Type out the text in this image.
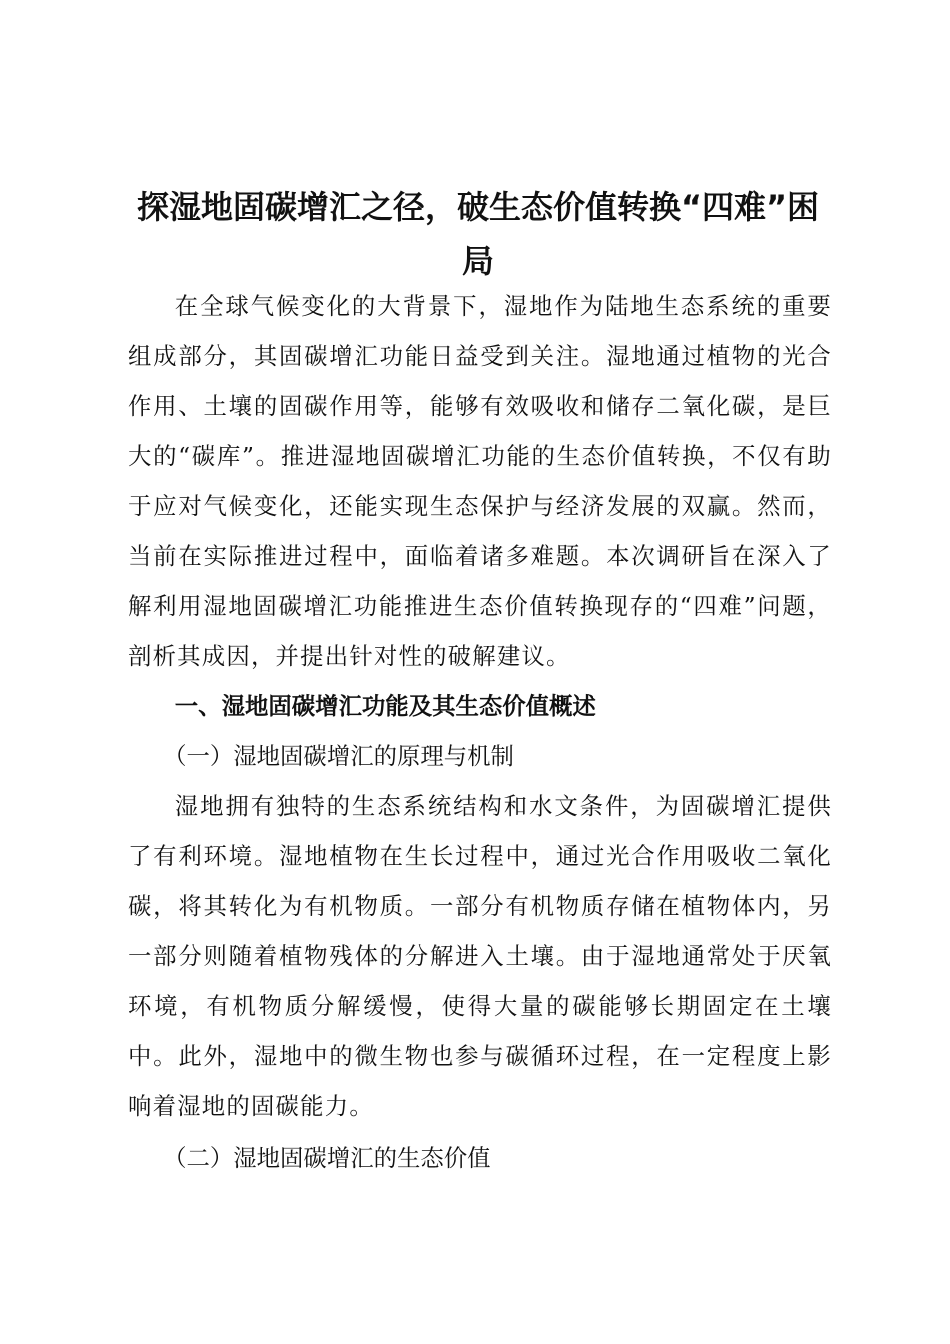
探湿地固碳增汇之径，破生态价值转换“四难”困局

在全球气候变化的大背景下，湿地作为陆地生态系统的重要组成部分，其固碳增汇功能日益受到关注。湿地通过植物的光合作用、土壤的固碳作用等，能够有效吸收和储存二氧化碳，是巨大的“碳库”。推进湿地固碳增汇功能的生态价值转换，不仅有助于应对气候变化，还能实现生态保护与经济发展的双赢。然而，当前在实际推进过程中，面临着诸多难题。本次调研旨在深入了解利用湿地固碳增汇功能推进生态价值转换现存的“四难”问题，剖析其成因，并提出针对性的破解建议。

一、湿地固碳增汇功能及其生态价值概述
（一）湿地固碳增汇的原理与机制

湿地拥有独特的生态系统结构和水文条件，为固碳增汇提供了有利环境。湿地植物在生长过程中，通过光合作用吸收二氧化碳，将其转化为有机物质。一部分有机物质存储在植物体内，另一部分则随着植物残体的分解进入土壤。由于湿地通常处于厌氧环境，有机物质分解缓慢，使得大量的碳能够长期固定在土壤中。此外，湿地中的微生物也参与碳循环过程，在一定程度上影响着湿地的固碳能力。

（二）湿地固碳增汇的生态价值
